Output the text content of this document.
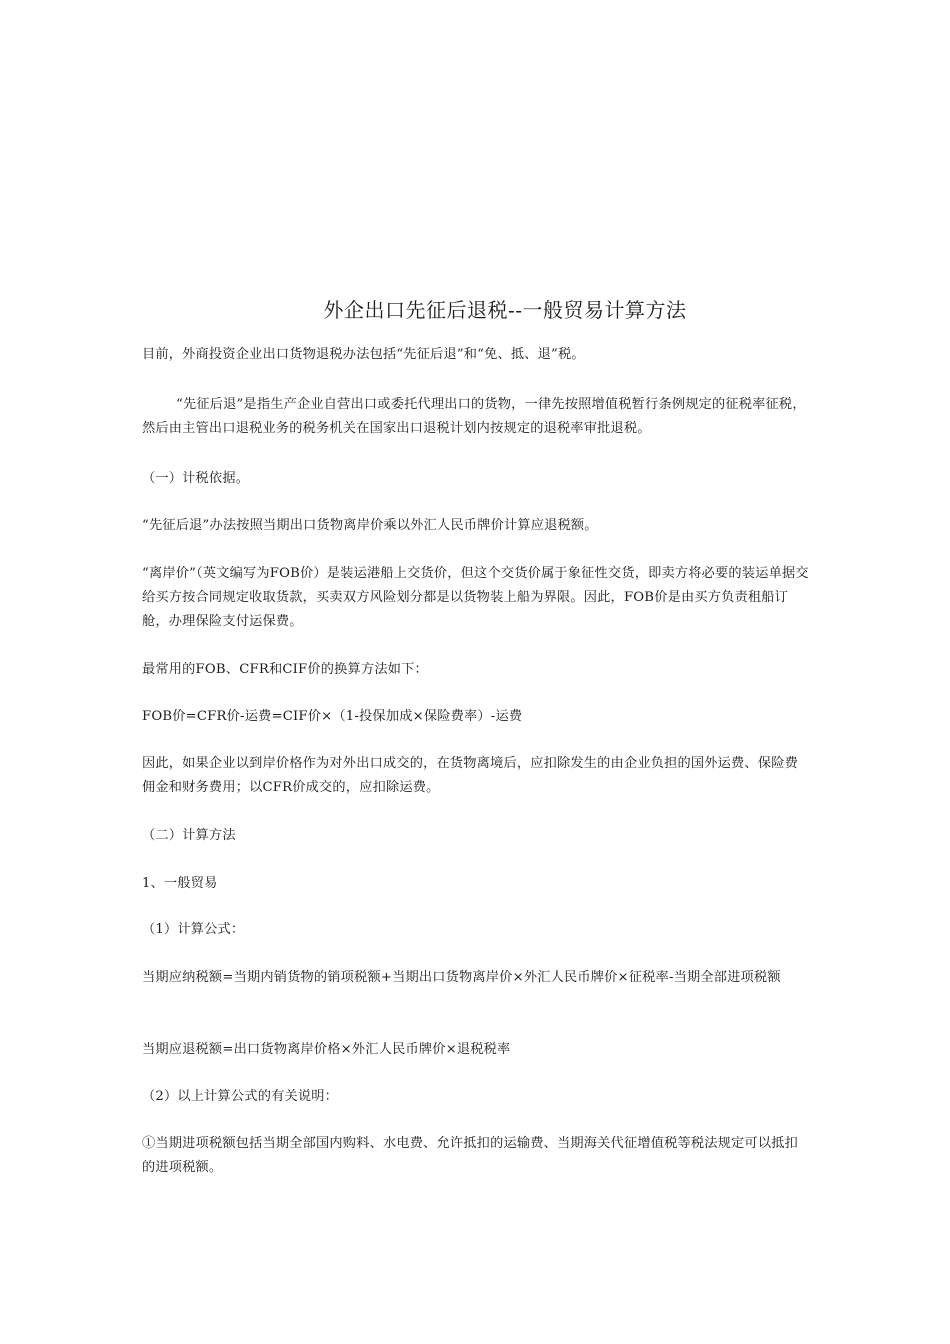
外企出口先征后退税--一般贸易计算方法

目前，外商投资企业出口货物退税办法包括“先征后退”和“免、抵、退”税。

“先征后退”是指生产企业自营出口或委托代理出口的货物，一律先按照增值税暂行条例规定的征税率征税，然后由主管出口退税业务的税务机关在国家出口退税计划内按规定的退税率审批退税。

（一）计税依据。

“先征后退”办法按照当期出口货物离岸价乘以外汇人民币牌价计算应退税额。

“离岸价”（英文编写为FOB价）是装运港船上交货价，但这个交货价属于象征性交货，即卖方将必要的装运单据交给买方按合同规定收取货款，买卖双方风险划分都是以货物装上船为界限。因此，FOB价是由买方负责租船订舱，办理保险支付运保费。

最常用的FOB、CFR和CIF价的换算方法如下：

FOB价=CFR价-运费=CIF价×（1-投保加成×保险费率）-运费

因此，如果企业以到岸价格作为对外出口成交的，在货物离境后，应扣除发生的由企业负担的国外运费、保险费佣金和财务费用；以CFR价成交的，应扣除运费。

（二）计算方法

1、一般贸易

（1）计算公式：

当期应纳税额=当期内销货物的销项税额+当期出口货物离岸价×外汇人民币牌价×征税率-当期全部进项税额

当期应退税额=出口货物离岸价格×外汇人民币牌价×退税税率

（2）以上计算公式的有关说明：

①当期进项税额包括当期全部国内购料、水电费、允许抵扣的运输费、当期海关代征增值税等税法规定可以抵扣的进项税额。
